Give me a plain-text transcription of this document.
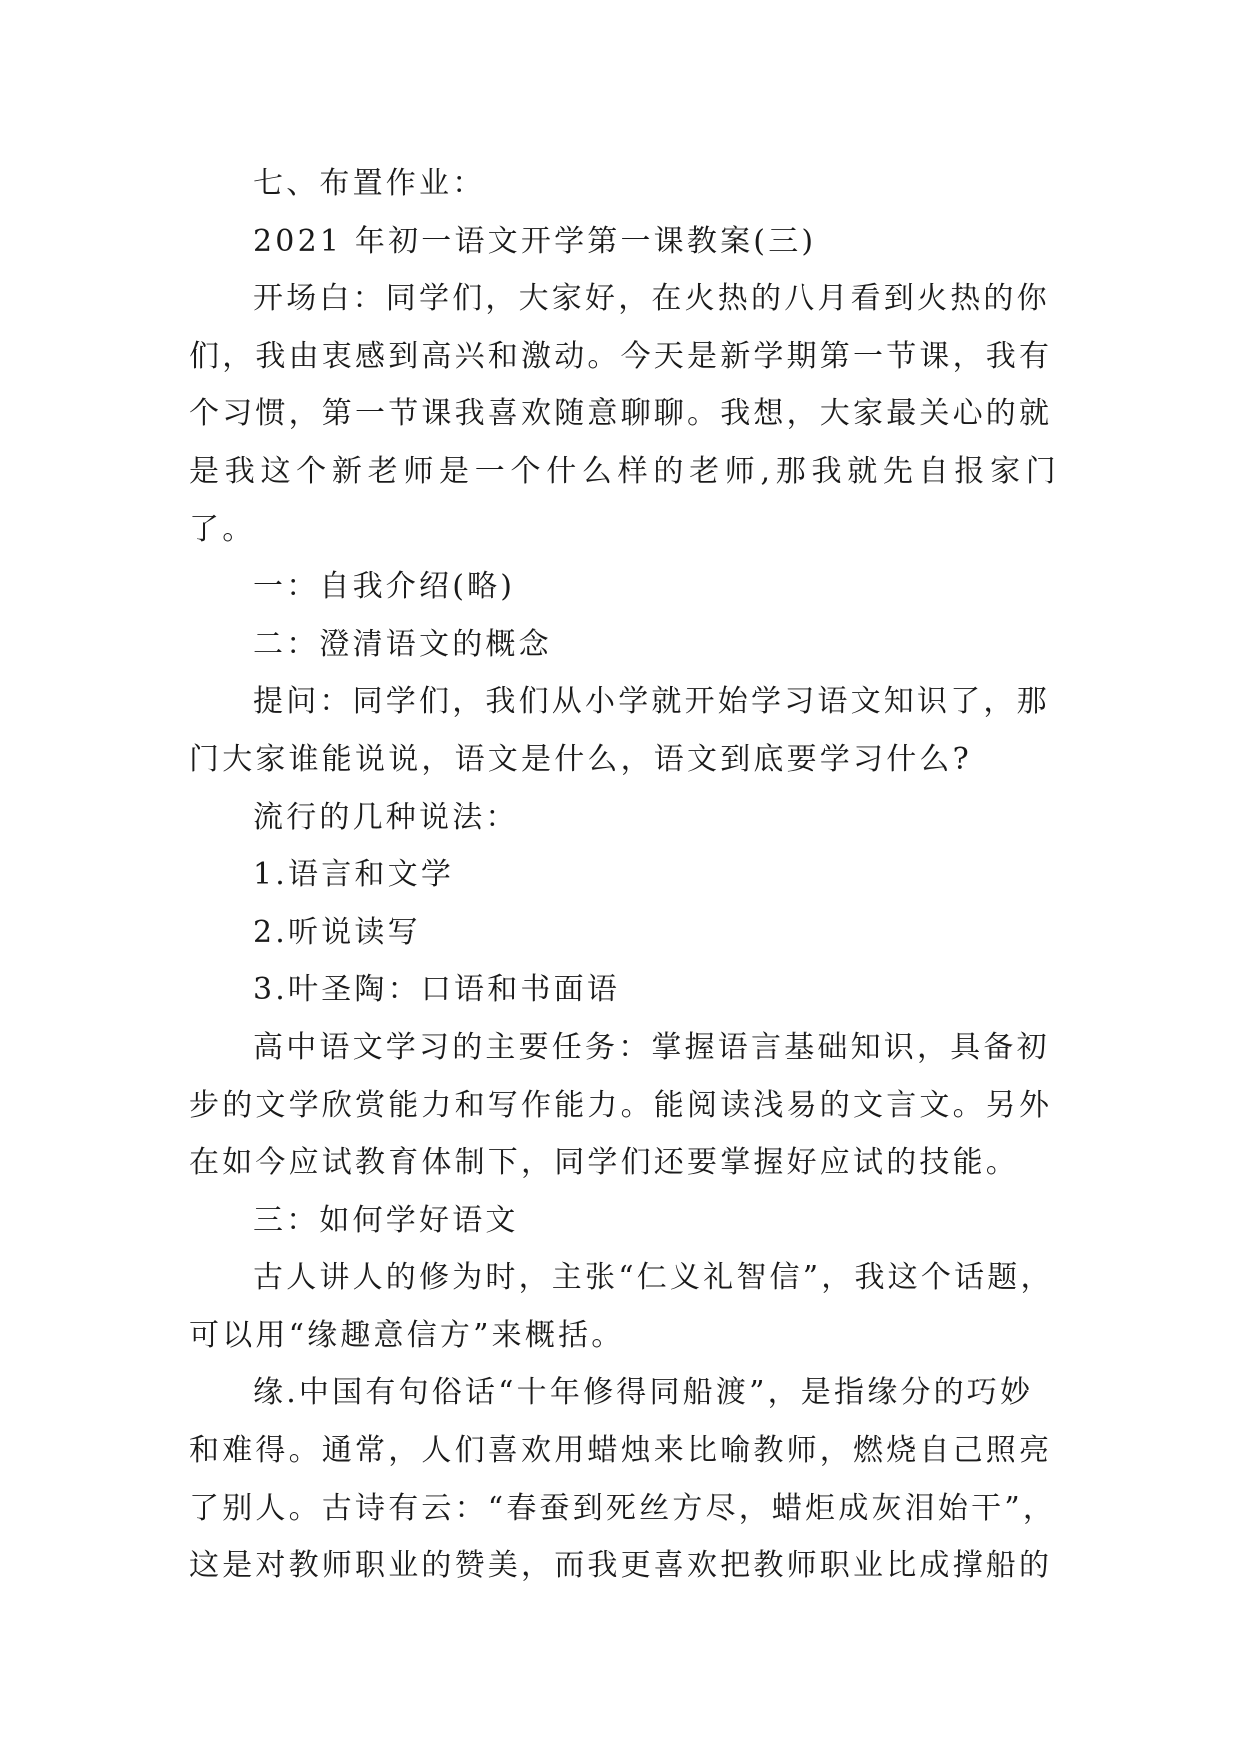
七、布置作业：
2021 年初一语文开学第一课教案(三)
开场白：同学们，大家好，在火热的八月看到火热的你
们，我由衷感到高兴和激动。今天是新学期第一节课，我有
个习惯，第一节课我喜欢随意聊聊。我想，大家最关心的就
是我这个新老师是一个什么样的老师,那我就先自报家门了。
一：自我介绍(略)
二：澄清语文的概念
提问：同学们，我们从小学就开始学习语文知识了，那
门大家谁能说说，语文是什么，语文到底要学习什么?
流行的几种说法：
1.语言和文学
2.听说读写
3.叶圣陶：口语和书面语
高中语文学习的主要任务：掌握语言基础知识，具备初
步的文学欣赏能力和写作能力。能阅读浅易的文言文。另外
在如今应试教育体制下，同学们还要掌握好应试的技能。
三：如何学好语文
古人讲人的修为时，主张“仁义礼智信”，我这个话题，
可以用“缘趣意信方”来概括。
缘.中国有句俗话“十年修得同船渡”，是指缘分的巧妙
和难得。通常，人们喜欢用蜡烛来比喻教师，燃烧自己照亮
了别人。古诗有云：“春蚕到死丝方尽，蜡炬成灰泪始干”，
这是对教师职业的赞美，而我更喜欢把教师职业比成撑船的
